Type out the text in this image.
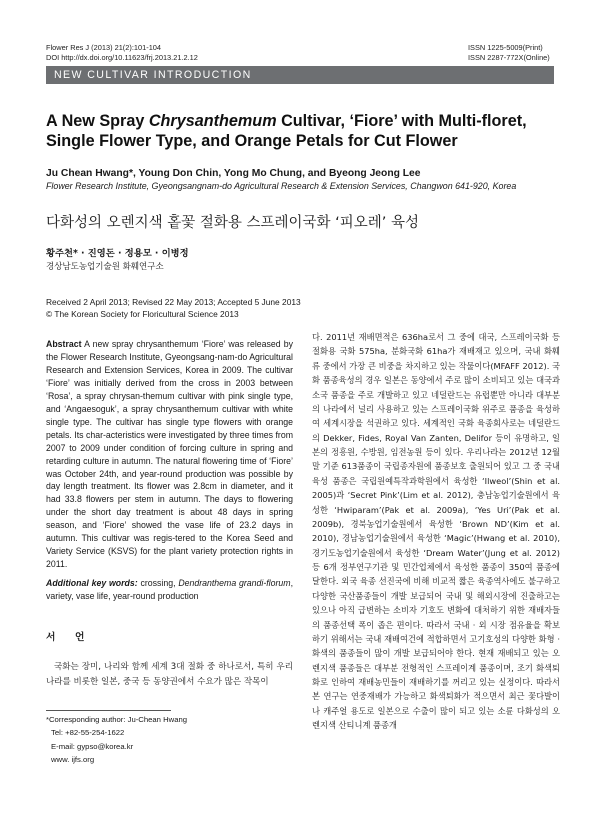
Flower Res J (2013) 21(2):101-104
DOI http://dx.doi.org/10.11623/frj.2013.21.2.12
ISSN 1225-5009(Print)
ISSN 2287-772X(Online)
NEW CULTIVAR INTRODUCTION
A New Spray Chrysanthemum Cultivar, ‘Fiore’ with Multi-floret,
Single Flower Type, and Orange Petals for Cut Flower
Ju Chean Hwang*, Young Don Chin, Yong Mo Chung, and Byeong Jeong Lee
Flower Research Institute, Gyeongsangnam-do Agricultural Research & Extension Services, Changwon 641-920, Korea
다화성의 오렌지색 홑꽃 절화용 스프레이국화 ‘피오레’ 육성
황주천* · 진영돈 · 정용모 · 이병정
경상남도농업기술원 화훼연구소
Received 2 April 2013; Revised 22 May 2013; Accepted 5 June 2013
© The Korean Society for Floricultural Science 2013
Abstract A new spray chrysanthemum ‘Fiore’ was released by the Flower Research Institute, Gyeongsang-nam-do Agricultural Research and Extension Services, Korea in 2009. The cultivar ‘Fiore’ was initially derived from the cross in 2003 between ‘Rosa’, a spray chrysan-themum cultivar with pink single type, and ‘Angaesoguk’, a spray chrysanthemum cultivar with white single type. The cultivar has single type flowers with orange petals. Its char-acteristics were investigated by three times from 2007 to 2009 under condition of forcing culture in spring and retarding culture in autumn. The natural flowering time of ‘Fiore’ was October 24th, and year-round production was possible by day length treatment. Its flower was 2.8cm in diameter, and it had 33.8 flowers per stem in autumn. The days to flowering under the short day treatment is about 48 days in spring season, and ‘Fiore’ showed the vase life of 23.2 days in autumn. This cultivar was regis-tered to the Korea Seed and Variety Service (KSVS) for the plant variety protection rights in 2011.
Additional key words: crossing, Dendranthema grandi-florum, variety, vase life, year-round production
서　　언
국화는 장미, 나리와 함께 세계 3대 절화 중 하나로서, 특히 우리나라를 비롯한 일본, 중국 등 동양권에서 수요가 많은 작목이
*Corresponding author: Ju-Chean Hwang
Tel: +82-55-254-1622
E-mail: gypso@korea.kr
www. ijfs.org
다. 2011년 재배면적은 636ha로서 그 중에 대국, 스프레이국화 등 절화용 국화 575ha, 분화국화 61ha가 재배재고 있으며, 국내 화훼류 중에서 가장 큰 비중을 차지하고 있는 작물이다(MFAFF 2012). 국화 품종육성의 경우 일본은 동양에서 주로 많이 소비되고 있는 대국과 소국 품종을 주로 개발하고 있고 네덜란드는 유럽뿐만 아니라 대부분의 나라에서 널리 사용하고 있는 스프레이국화 위주로 품종을 육성하여 세계시장을 석권하고 있다. 세계적인 국화 육종회사로는 네덜란드의 Dekker, Fides, Royal Van Zanten, Delifor 등이 유명하고, 일본의 정흥원, 수방원, 임전농원 등이 있다. 우리나라는 2012년 12월말 기준 613품종이 국립종자원에 품종보호 출원되어 있고 그 중 국내육성 품종은 국립원예특작과학원에서 육성한 ‘Ilweol’(Shin et al. 2005)과 ‘Secret Pink’(Lim et al. 2012), 충남농업기술원에서 육성한 ‘Hwiparam’(Pak et al. 2009a), ‘Yes Uri’(Pak et al. 2009b), 경북농업기술원에서 육성한 ‘Brown ND’(Kim et al. 2010), 경남농업기술원에서 육성한 ‘Magic’(Hwang et al. 2010), 경기도농업기술원에서 육성한 ‘Dream Water’(Jung et al. 2012) 등 6개 정부연구기관 및 민간업체에서 육성한 품종이 350여 품종에 달한다. 외국 육종 선진국에 비해 비교적 짧은 육종역사에도 불구하고 다양한 국산품종들이 개발 보급되어 국내 및 해외시장에 진출하고는 있으나 아직 급변하는 소비자 기호도 변화에 대처하기 위한 재배자들의 품종선택 폭이 좁은 편이다. 따라서 국내 · 외 시장 점유율을 확보하기 위해서는 국내 재배여건에 적합하면서 고기호성의 다양한 화형 · 화색의 품종들이 많이 개발 보급되어야 한다. 현재 재배되고 있는 오렌지색 품종들은 대부분 전형적인 스프레이계 품종이며, 조기 화색퇴화로 인하여 재배농민들이 재배하기를 꺼리고 있는 실정이다. 따라서 본 연구는 연중재배가 가능하고 화색퇴화가 적으면서 최근 꽃다발이나 캐주얼 용도로 일본으로 수출이 많이 되고 있는 소륜 다화성의 오렌지색 산티니계 품종개
